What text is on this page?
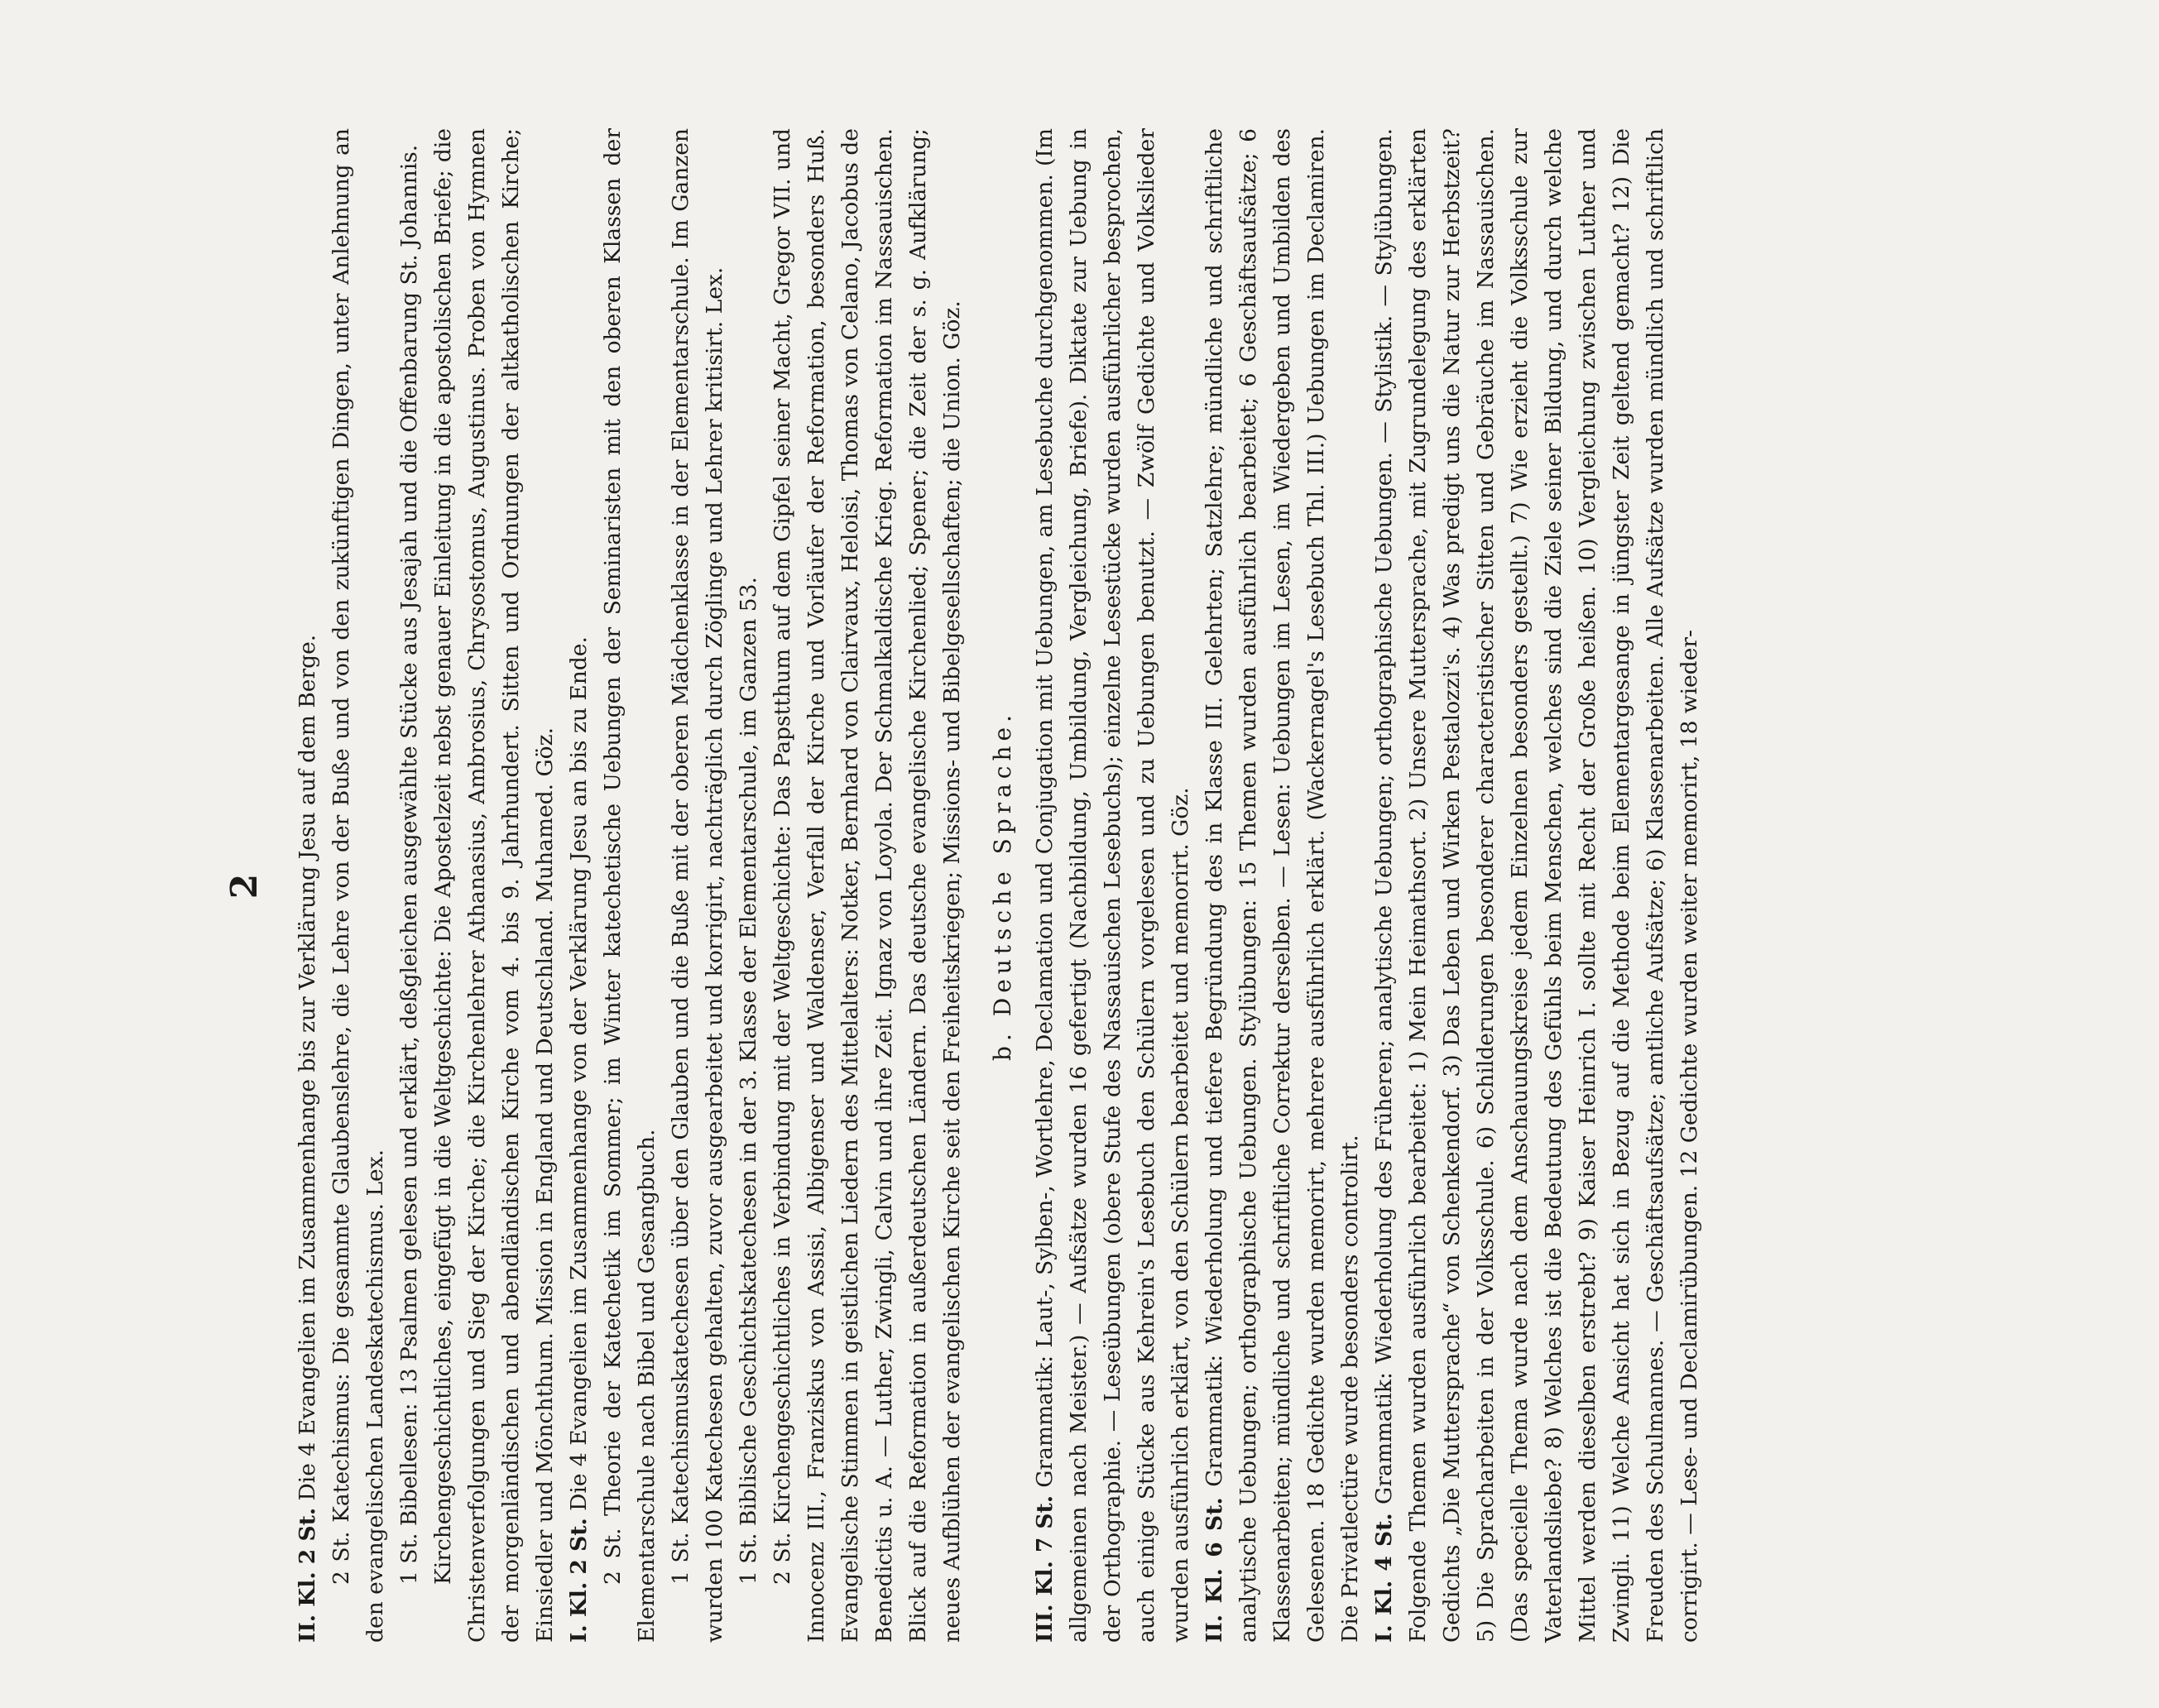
2

II. Kl. 2 St. Die 4 Evangelien im Zusammenhange bis zur Verklärung Jesu auf dem Berge. 2 St. Katechismus: Die gesammte Glaubenslehre, die Lehre von der Buße und von den zukünftigen Dingen, unter Anlehnung an den evangelischen Landeskatechismus. Lex. 1 St. Bibellesen: 13 Psalmen gelesen und erklärt, deßgleichen ausgewählte Stücke aus Jesajah und die Offenbarung St. Johannis. Kirchengeschichtliches, eingefügt in die Weltgeschichte: Die Apostelzeit nebst genauer Einleitung in die apostolischen Briefe; die Christenverfolgungen und Sieg der Kirche; die Kirchenlehrer Athanasius, Ambrosius, Chrysostomus, Augustinus. Proben von Hymnen der morgenländischen und abendländischen Kirche vom 4. bis 9. Jahrhundert. Sitten und Ordnungen der altkatholischen Kirche; Einsiedler und Mönchthum. Mission in England und Deutschland. Muhamed. Göz. I. Kl. 2 St. Die 4 Evangelien im Zusammenhange von der Verklärung Jesu an bis zu Ende. 2 St. Theorie der Katechetik im Sommer; im Winter katechetische Uebungen der Seminaristen mit den oberen Klassen der Elementarschule nach Bibel und Gesangbuch. 1 St. Katechismuskatechesen über den Glauben und die Buße mit der oberen Mädchenklasse in der Elementarschule. Im Ganzen wurden 100 Katechesen gehalten, zuvor ausgearbeitet und korrigirt, nachträglich durch Zöglinge und Lehrer kritisirt. Lex. 1 St. Biblische Geschichtskatechesen in der 3. Klasse der Elementarschule, im Ganzen 53. 2 St. Kirchengeschichtliches in Verbindung mit der Weltgeschichte: Das Papstthum auf dem Gipfel seiner Macht, Gregor VII. und Innocenz III., Franziskus von Assisi, Albigenser und Waldenser, Verfall der Kirche und Vorläufer der Reformation, besonders Huß. Evangelische Stimmen in geistlichen Liedern des Mittelalters: Notker, Bernhard von Clairvaux, Heloisi, Thomas von Celano, Jacobus de Benedictis u. A. — Luther, Zwingli, Calvin und ihre Zeit. Ignaz von Loyola. Der Schmalkaldische Krieg. Reformation im Nassauischen. Blick auf die Reformation in außerdeutschen Ländern. Das deutsche evangelische Kirchenlied; Spener; die Zeit der s. g. Aufklärung; neues Aufblühen der evangelischen Kirche seit den Freiheitskriegen; Missions- und Bibelgesellschaften; die Union. Göz. b. Deutsche Sprache.

III. Kl. 7 St. Grammatik: Laut-, Sylben-, Wortlehre, Declamation und Conjugation mit Uebungen, am Lesebuche durchgenommen. (Im allgemeinen nach Meister.) — Aufsätze wurden 16 gefertigt (Nachbildung, Umbildung, Vergleichung, Briefe). Diktate zur Uebung in der Orthographie. — Leseübungen (obere Stufe des Nassauischen Lesebuchs); einzelne Lesestücke wurden ausführlicher besprochen, auch einige Stücke aus Kehrein's Lesebuch den Schülern vorgelesen und zu Uebungen benutzt. — Zwölf Gedichte und Volkslieder wurden ausführlich erklärt, von den Schülern bearbeitet und memorirt. Göz. II. Kl. 6 St. Grammatik: Wiederholung und tiefere Begründung des in Klasse III. Gelehrten; Satzlehre; mündliche und schriftliche analytische Uebungen; orthographische Uebungen. Stylübungen: 15 Themen wurden ausführlich bearbeitet; 6 Geschäftsaufsätze; 6 Klassenarbeiten; mündliche und schriftliche Correktur derselben. — Lesen: Uebungen im Lesen, im Wiedergeben und Umbilden des Gelesenen. 18 Gedichte wurden memorirt, mehrere ausführlich erklärt. (Wackernagel's Lesebuch Thl. III.) Uebungen im Declamiren. Die Privatlectüre wurde besonders controlirt. I. Kl. 4 St. Grammatik: Wiederholung des Früheren; analytische Uebungen; orthographische Uebungen. — Stylistik. — Stylübungen. Folgende Themen wurden ausführlich bearbeitet: 1) Mein Heimathsort. 2) Unsere Muttersprache, mit Zugrundelegung des erklärten Gedichts „Die Muttersprache“ von Schenkendorf. 3) Das Leben und Wirken Pestalozzi's. 4) Was predigt uns die Natur zur Herbstzeit? 5) Die Spracharbeiten in der Volksschule. 6) Schilderungen besonderer characteristischer Sitten und Gebräuche im Nassauischen. (Das specielle Thema wurde nach dem Anschauungskreise jedem Einzelnen besonders gestellt.) 7) Wie erzieht die Volksschule zur Vaterlandsliebe? 8) Welches ist die Bedeutung des Gefühls beim Menschen, welches sind die Ziele seiner Bildung, und durch welche Mittel werden dieselben erstrebt? 9) Kaiser Heinrich I. sollte mit Recht der Große heißen. 10) Vergleichung zwischen Luther und Zwingli. 11) Welche Ansicht hat sich in Bezug auf die Methode beim Elementargesange in jüngster Zeit geltend gemacht? 12) Die Freuden des Schulmannes. — Geschäftsaufsätze; amtliche Aufsätze; 6) Klassenarbeiten. Alle Aufsätze wurden mündlich und schriftlich corrigirt. — Lese- und Declamirübungen. 12 Gedichte wurden weiter memorirt, 18 wieder-
